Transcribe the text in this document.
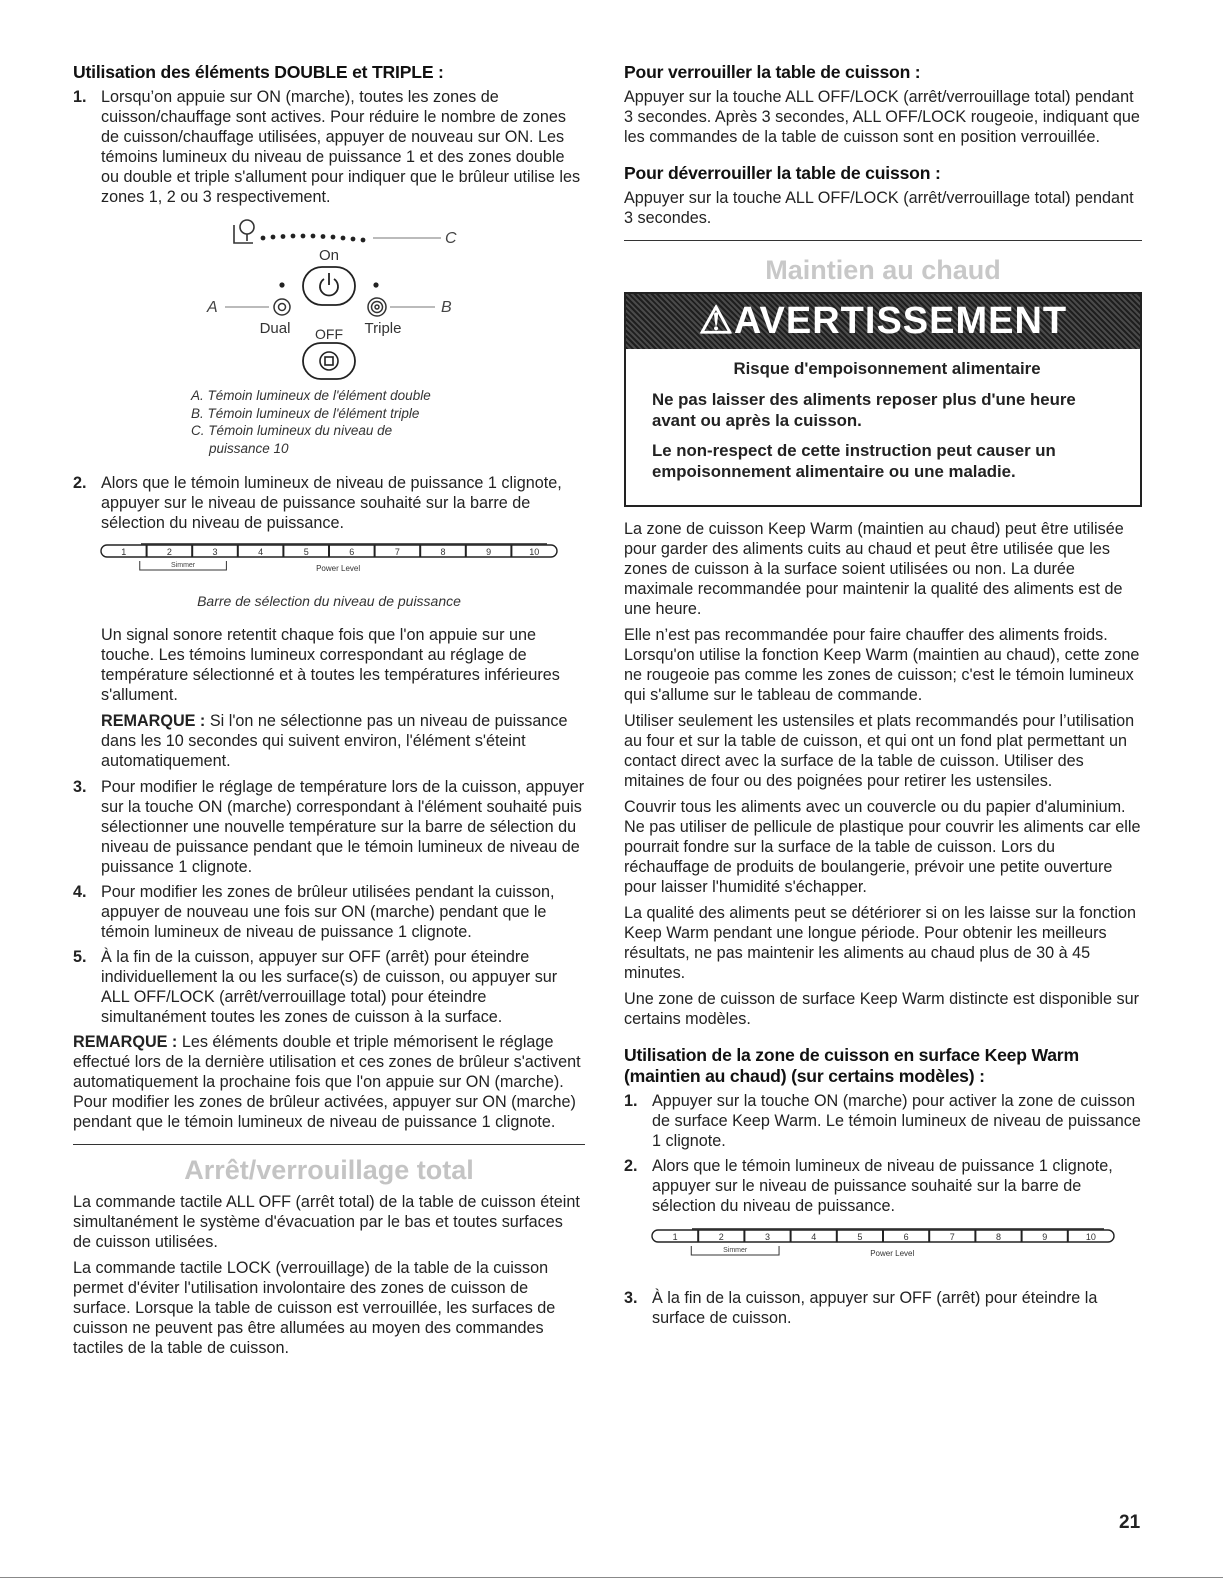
Utilisation des éléments DOUBLE et TRIPLE :
1. Lorsqu’on appuie sur ON (marche), toutes les zones de cuisson/chauffage sont actives. Pour réduire le nombre de zones de cuisson/chauffage utilisées, appuyer de nouveau sur ON. Les témoins lumineux du niveau de puissance 1 et des zones double ou double et triple s'allument pour indiquer que le brûleur utilise les zones 1, 2 ou 3 respectivement.
C
On
A	B
Dual OFF Triple
A. Témoin lumineux de l'élément double
B. Témoin lumineux de l'élément triple
C. Témoin lumineux du niveau de
puissance 10
2. Alors que le témoin lumineux de niveau de puissance 1 clignote, appuyer sur le niveau de puissance souhaité sur la barre de sélection du niveau de puissance.
1	2	3	4	5	6	7	8	9	10
Simmer	Power Level
Barre de sélection du niveau de puissance

Un signal sonore retentit chaque fois que l'on appuie sur une touche. Les témoins lumineux correspondant au réglage de température sélectionné et à toutes les températures inférieures s'allument.

REMARQUE : Si l'on ne sélectionne pas un niveau de puissance dans les 10 secondes qui suivent environ, l'élément s'éteint automatiquement.

3. Pour modifier le réglage de température lors de la cuisson, appuyer sur la touche ON (marche) correspondant à l'élément souhaité puis sélectionner une nouvelle température sur la barre de sélection du niveau de puissance pendant que le témoin lumineux de niveau de puissance 1 clignote.
4. Pour modifier les zones de brûleur utilisées pendant la cuisson, appuyer de nouveau une fois sur ON (marche) pendant que le témoin lumineux de niveau de puissance 1 clignote.
5. À la fin de la cuisson, appuyer sur OFF (arrêt) pour éteindre individuellement la ou les surface(s) de cuisson, ou appuyer sur ALL OFF/LOCK (arrêt/verrouillage total) pour éteindre simultanément toutes les zones de cuisson à la surface.

REMARQUE : Les éléments double et triple mémorisent le réglage effectué lors de la dernière utilisation et ces zones de brûleur s'activent automatiquement la prochaine fois que l'on appuie sur ON (marche). Pour modifier les zones de brûleur activées, appuyer sur ON (marche) pendant que le témoin lumineux de niveau de puissance 1 clignote.

Arrêt/verrouillage total

La commande tactile ALL OFF (arrêt total) de la table de cuisson éteint simultanément le système d'évacuation par le bas et toutes surfaces de cuisson utilisées.

La commande tactile LOCK (verrouillage) de la table de la cuisson permet d'éviter l'utilisation involontaire des zones de cuisson de surface. Lorsque la table de cuisson est verrouillée, les surfaces de cuisson ne peuvent pas être allumées au moyen des commandes tactiles de la table de cuisson.

Pour verrouiller la table de cuisson :

Appuyer sur la touche ALL OFF/LOCK (arrêt/verrouillage total) pendant 3 secondes. Après 3 secondes, ALL OFF/LOCK rougeoie, indiquant que les commandes de la table de cuisson sont en position verrouillée.

Pour déverrouiller la table de cuisson :

Appuyer sur la touche ALL OFF/LOCK (arrêt/verrouillage total) pendant 3 secondes.

Maintien au chaud
⚠AVERTISSEMENT

Risque d'empoisonnement alimentaire

Ne pas laisser des aliments reposer plus d'une heure avant ou après la cuisson.

Le non-respect de cette instruction peut causer un empoisonnement alimentaire ou une maladie.

La zone de cuisson Keep Warm (maintien au chaud) peut être utilisée pour garder des aliments cuits au chaud et peut être utilisée que les zones de cuisson à la surface soient utilisées ou non. La durée maximale recommandée pour maintenir la qualité des aliments est de une heure.

Elle n’est pas recommandée pour faire chauffer des aliments froids. Lorsqu'on utilise la fonction Keep Warm (maintien au chaud), cette zone ne rougeoie pas comme les zones de cuisson; c'est le témoin lumineux qui s'allume sur le tableau de commande.

Utiliser seulement les ustensiles et plats recommandés pour l’utilisation au four et sur la table de cuisson, et qui ont un fond plat permettant un contact direct avec la surface de la table de cuisson. Utiliser des mitaines de four ou des poignées pour retirer les ustensiles.

Couvrir tous les aliments avec un couvercle ou du papier d'aluminium. Ne pas utiliser de pellicule de plastique pour couvrir les aliments car elle pourrait fondre sur la surface de la table de cuisson. Lors du réchauffage de produits de boulangerie, prévoir une petite ouverture pour laisser l'humidité s'échapper.

La qualité des aliments peut se détériorer si on les laisse sur la fonction Keep Warm pendant une longue période. Pour obtenir les meilleurs résultats, ne pas maintenir les aliments au chaud plus de 30 à 45 minutes.

Une zone de cuisson de surface Keep Warm distincte est disponible sur certains modèles.

Utilisation de la zone de cuisson en surface Keep Warm (maintien au chaud) (sur certains modèles) :
1. Appuyer sur la touche ON (marche) pour activer la zone de cuisson de surface Keep Warm. Le témoin lumineux de niveau de puissance 1 clignote.
2. Alors que le témoin lumineux de niveau de puissance 1 clignote, appuyer sur le niveau de puissance souhaité sur la barre de sélection du niveau de puissance.
1	2	3	4	5	6	7	8	9	10
Simmer	Power Level
3. À la fin de la cuisson, appuyer sur OFF (arrêt) pour éteindre la surface de cuisson.
21
